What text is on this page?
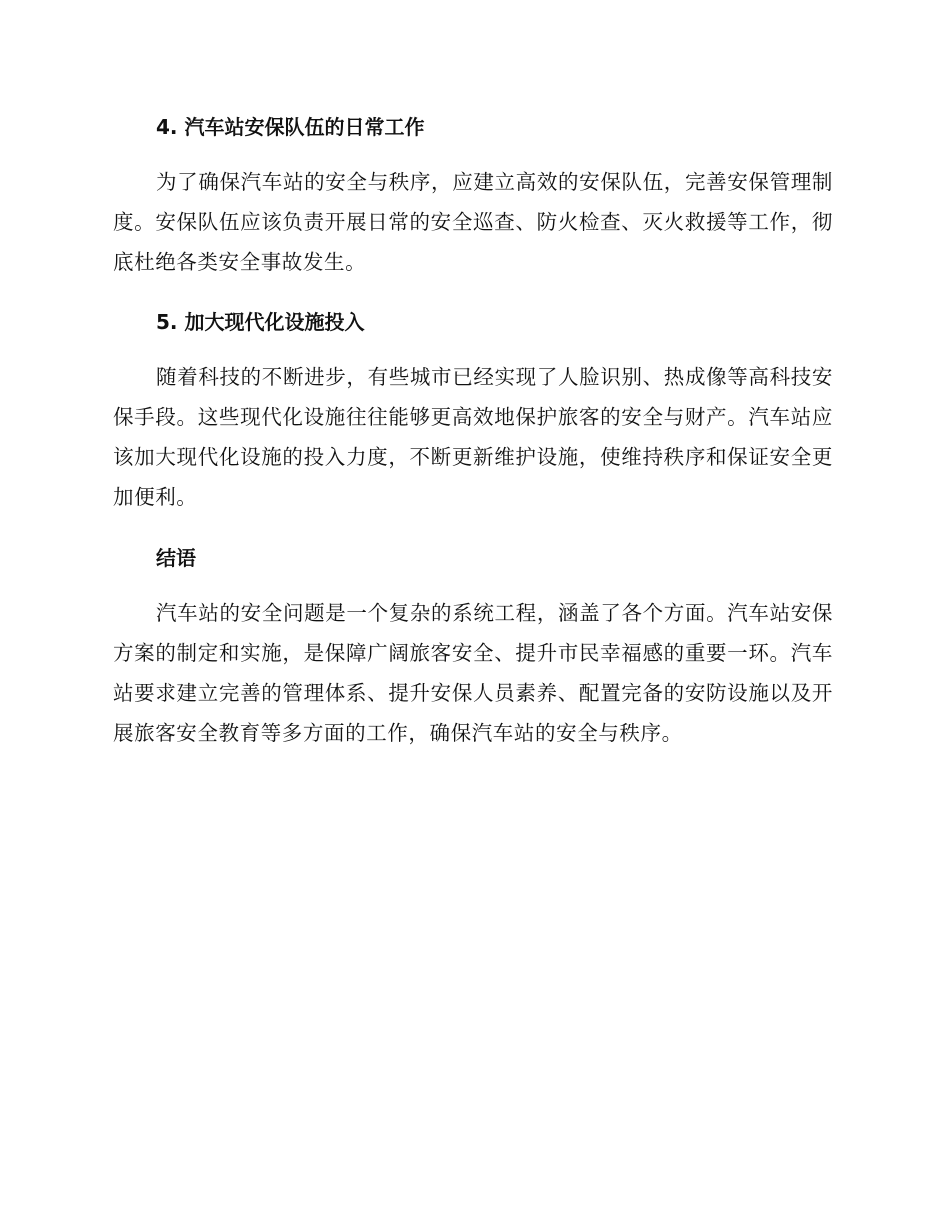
4. 汽车站安保队伍的日常工作
为了确保汽车站的安全与秩序，应建立高效的安保队伍，完善安保管理制度。安保队伍应该负责开展日常的安全巡查、防火检查、灭火救援等工作，彻底杜绝各类安全事故发生。
5. 加大现代化设施投入
随着科技的不断进步，有些城市已经实现了人脸识别、热成像等高科技安保手段。这些现代化设施往往能够更高效地保护旅客的安全与财产。汽车站应该加大现代化设施的投入力度，不断更新维护设施，使维持秩序和保证安全更加便利。
结语
汽车站的安全问题是一个复杂的系统工程，涵盖了各个方面。汽车站安保方案的制定和实施，是保障广阔旅客安全、提升市民幸福感的重要一环。汽车站要求建立完善的管理体系、提升安保人员素养、配置完备的安防设施以及开展旅客安全教育等多方面的工作，确保汽车站的安全与秩序。
